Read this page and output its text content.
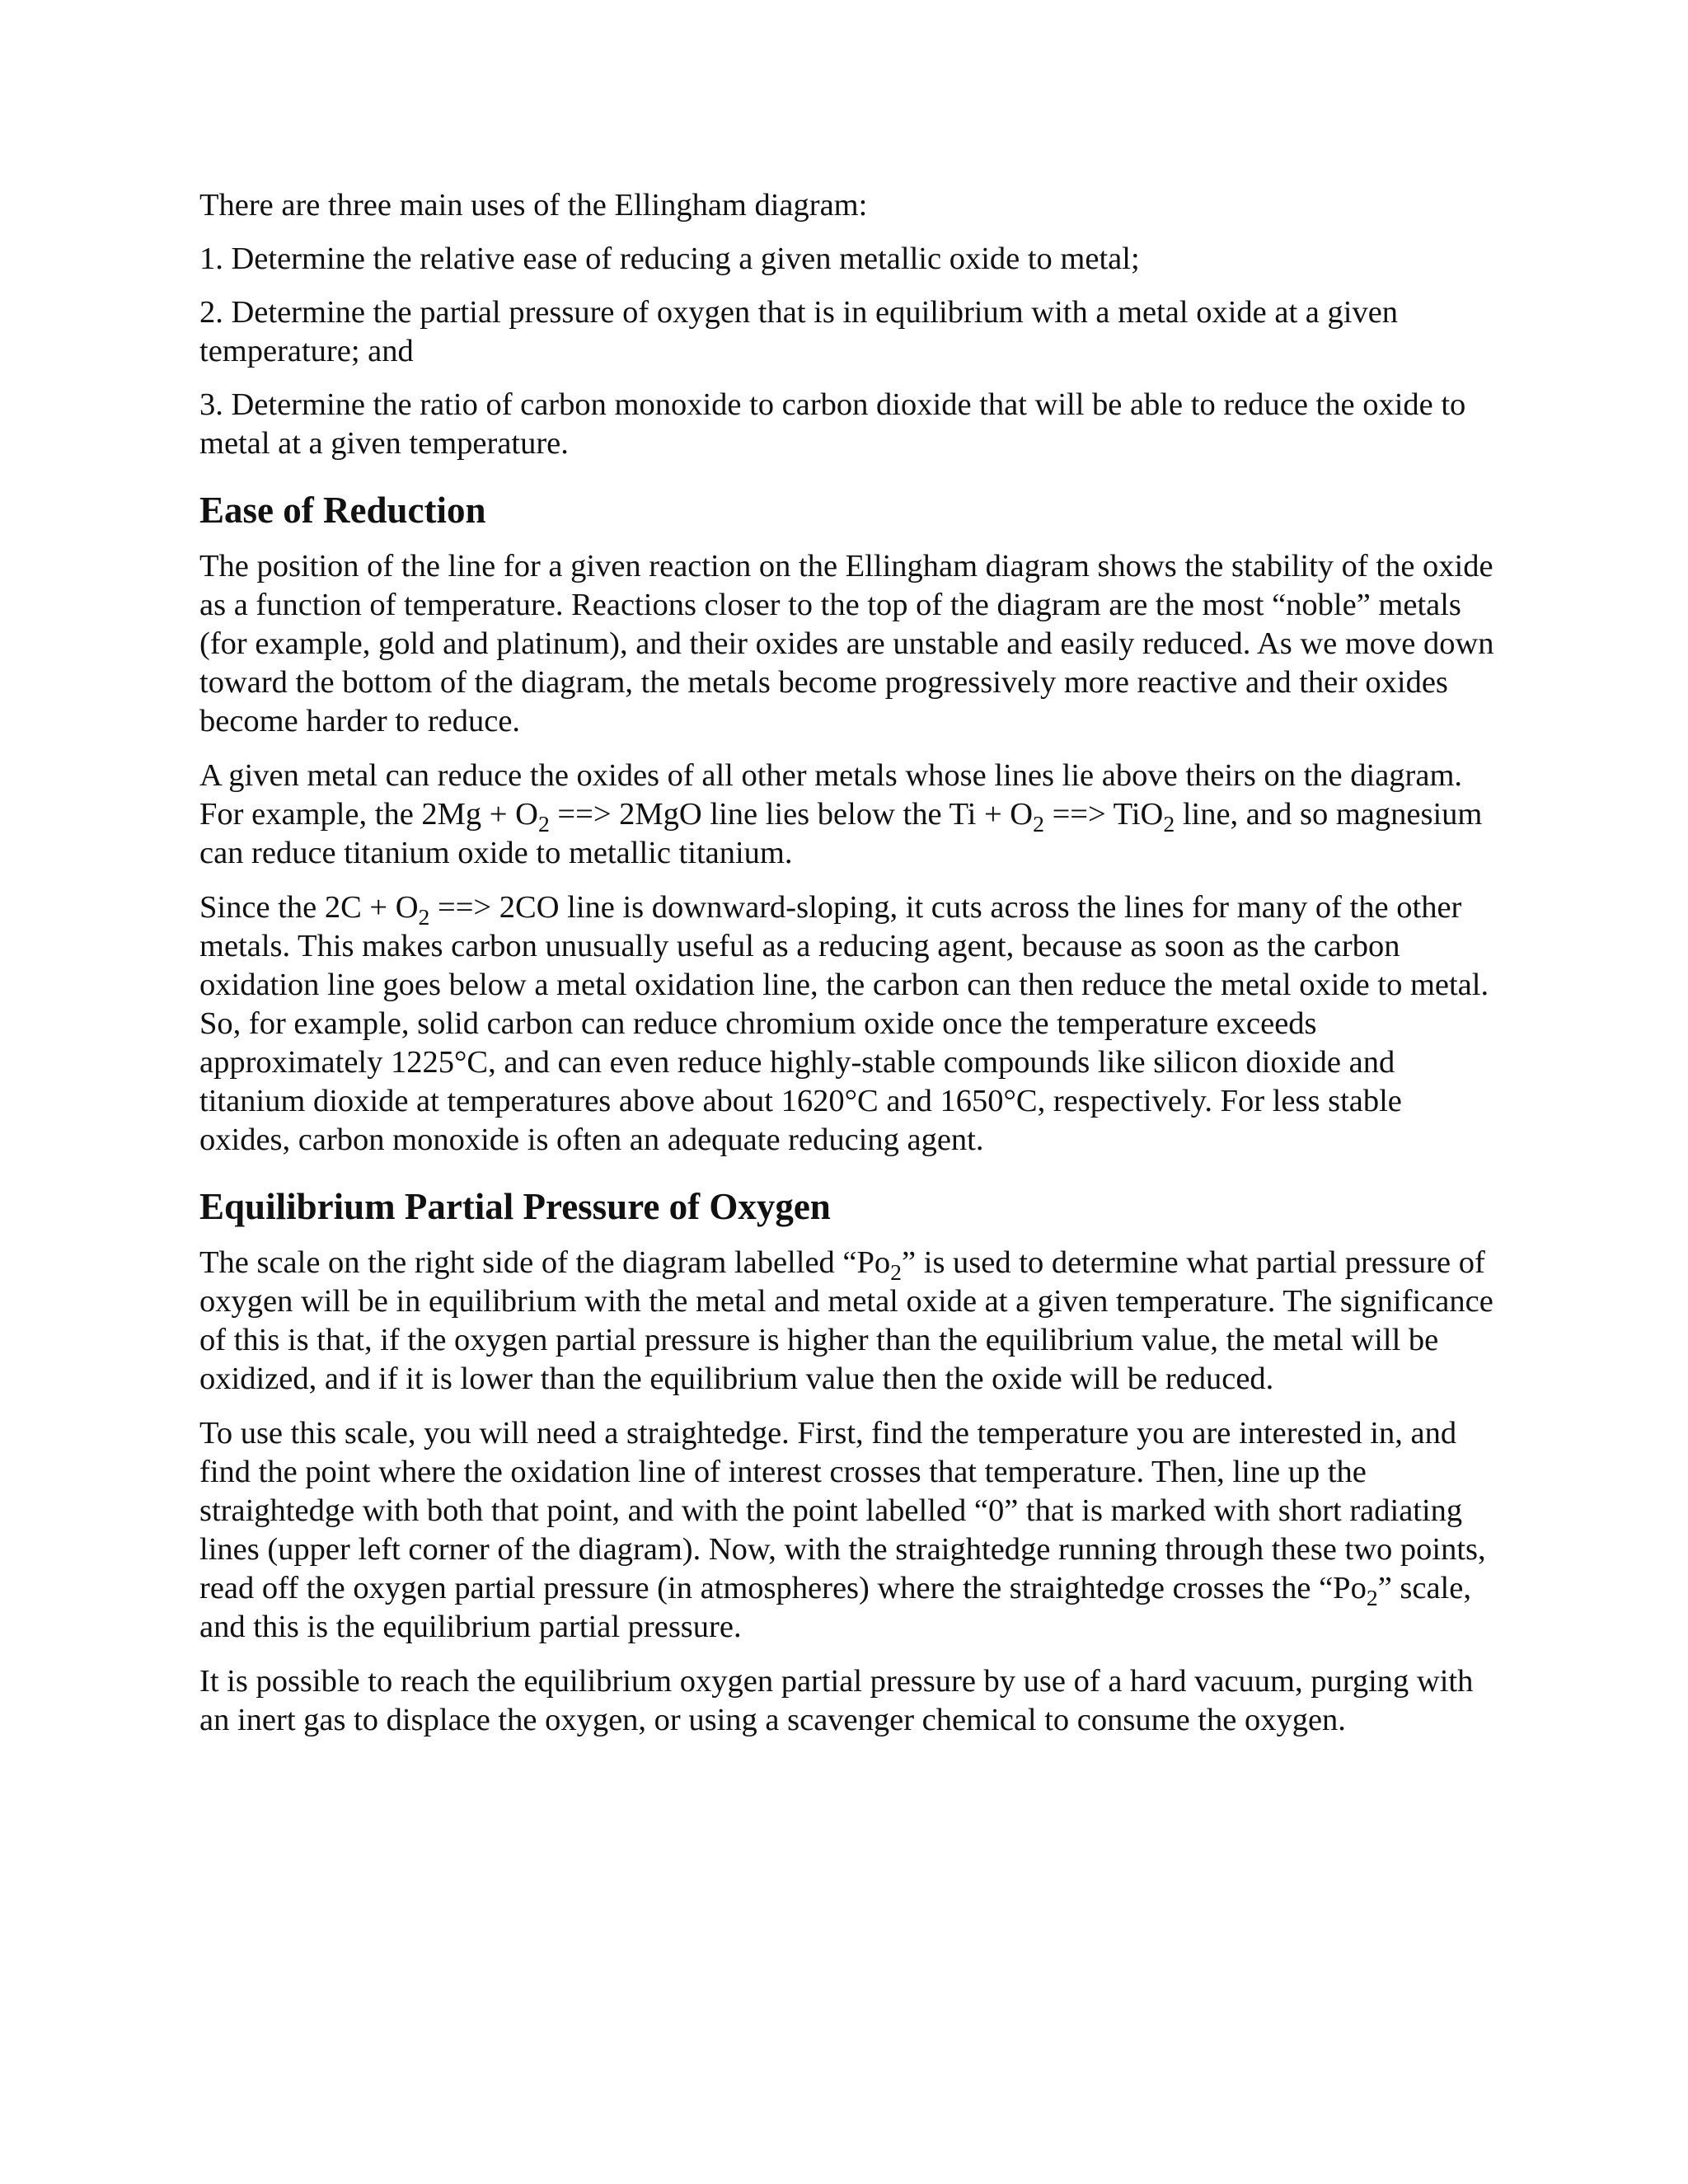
There are three main uses of the Ellingham diagram:

1. Determine the relative ease of reducing a given metallic oxide to metal;

2. Determine the partial pressure of oxygen that is in equilibrium with a metal oxide at a given temperature; and

3. Determine the ratio of carbon monoxide to carbon dioxide that will be able to reduce the oxide to metal at a given temperature.

Ease of Reduction

The position of the line for a given reaction on the Ellingham diagram shows the stability of the oxide as a function of temperature. Reactions closer to the top of the diagram are the most “noble” metals (for example, gold and platinum), and their oxides are unstable and easily reduced. As we move down toward the bottom of the diagram, the metals become progressively more reactive and their oxides become harder to reduce.

A given metal can reduce the oxides of all other metals whose lines lie above theirs on the diagram. For example, the $2Mg + O_2$ ==> 2MgO line lies below the $Ti + O_2$ ==> TiO$_2$ line, and so magnesium can reduce titanium oxide to metallic titanium.

Since the $2C + O_2$ ==> 2CO line is downward-sloping, it cuts across the lines for many of the other metals. This makes carbon unusually useful as a reducing agent, because as soon as the carbon oxidation line goes below a metal oxidation line, the carbon can then reduce the metal oxide to metal. So, for example, solid carbon can reduce chromium oxide once the temperature exceeds approximately 1225°C, and can even reduce highly-stable compounds like silicon dioxide and titanium dioxide at temperatures above about 1620°C and 1650°C, respectively. For less stable oxides, carbon monoxide is often an adequate reducing agent.

Equilibrium Partial Pressure of Oxygen

The scale on the right side of the diagram labelled “$Po_2$” is used to determine what partial pressure of oxygen will be in equilibrium with the metal and metal oxide at a given temperature. The significance of this is that, if the oxygen partial pressure is higher than the equilibrium value, the metal will be oxidized, and if it is lower than the equilibrium value then the oxide will be reduced.

To use this scale, you will need a straightedge. First, find the temperature you are interested in, and find the point where the oxidation line of interest crosses that temperature. Then, line up the straightedge with both that point, and with the point labelled “0” that is marked with short radiating lines (upper left corner of the diagram). Now, with the straightedge running through these two points, read off the oxygen partial pressure (in atmospheres) where the straightedge crosses the “$Po_2$” scale, and this is the equilibrium partial pressure.

It is possible to reach the equilibrium oxygen partial pressure by use of a hard vacuum, purging with an inert gas to displace the oxygen, or using a scavenger chemical to consume the oxygen.
